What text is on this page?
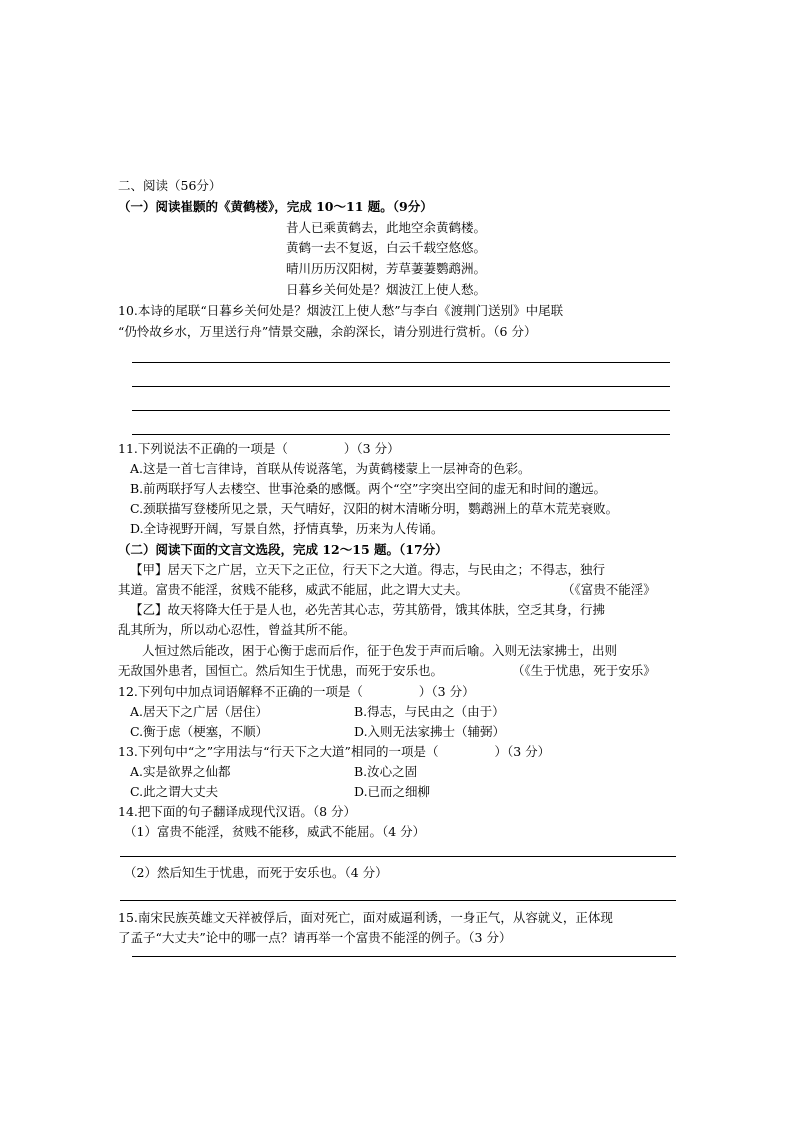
二、阅读（56分）
（一）阅读崔颢的《黄鹤楼》，完成 10～11 题。（9分）
昔人已乘黄鹤去，此地空余黄鹤楼。
黄鹤一去不复返，白云千载空悠悠。
晴川历历汉阳树，芳草萋萋鹦鹉洲。
日暮乡关何处是？烟波江上使人愁。
10.本诗的尾联“日暮乡关何处是？烟波江上使人愁”与李白《渡荆门送别》中尾联
“仍怜故乡水，万里送行舟”情景交融，余韵深长，请分别进行赏析。（6 分）
11.下列说法不正确的一项是（	）（3 分）
A.这是一首七言律诗，首联从传说落笔，为黄鹤楼蒙上一层神奇的色彩。
B.前两联抒写人去楼空、世事沧桑的感慨。两个“空”字突出空间的虚无和时间的邈远。
C.颈联描写登楼所见之景，天气晴好，汉阳的树木清晰分明，鹦鹉洲上的草木荒芜衰败。
D.全诗视野开阔，写景自然，抒情真挚，历来为人传诵。
（二）阅读下面的文言文选段，完成 12～15 题。（17分）
【甲】居天下之广居，立天下之正位，行天下之大道。得志，与民由之；不得志，独行
其道。富贵不能淫，贫贱不能移，威武不能屈，此之谓大丈夫。	（《富贵不能淫》
【乙】故天将降大任于是人也，必先苦其心志，劳其筋骨，饿其体肤，空乏其身，行拂
乱其所为，所以动心忍性，曾益其所不能。
人恒过然后能改，困于心衡于虑而后作，征于色发于声而后喻。入则无法家拂士，出则
无敌国外患者，国恒亡。然后知生于忧患，而死于安乐也。	（《生于忧患，死于安乐》
12.下列句中加点词语解释不正确的一项是（	）（3 分）
A.居天下之广居（居住）	B.得志，与民由之（由于）
C.衡于虑（梗塞，不顺）	D.入则无法家拂士（辅弼）
13.下列句中“之”字用法与“行天下之大道”相同的一项是（	）（3 分）
A.实是欲界之仙都	B.汝心之固
C.此之谓大丈夫	D.已而之细柳
14.把下面的句子翻译成现代汉语。（8 分）
（1）富贵不能淫，贫贱不能移，威武不能屈。（4 分）
（2）然后知生于忧患，而死于安乐也。（4 分）
15.南宋民族英雄文天祥被俘后，面对死亡，面对威逼利诱，一身正气，从容就义，正体现
了孟子“大丈夫”论中的哪一点？请再举一个富贵不能淫的例子。（3 分）
